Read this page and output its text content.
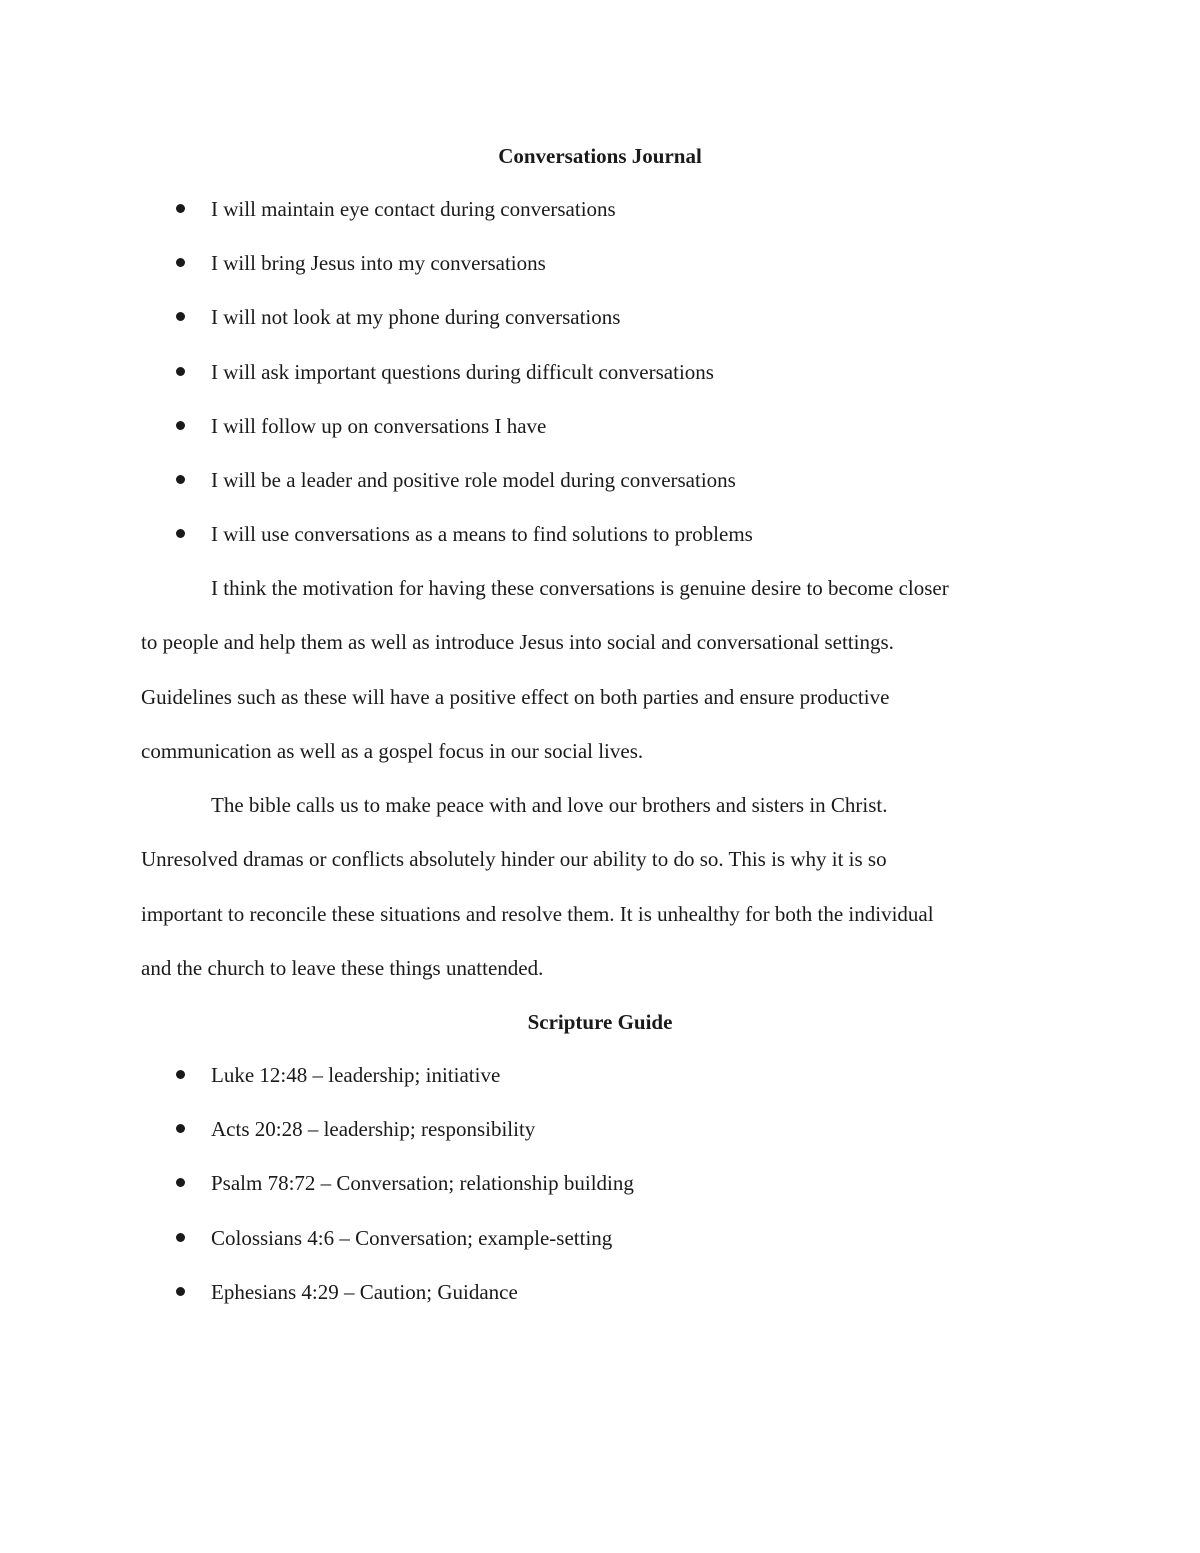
Conversations Journal
I will maintain eye contact during conversations
I will bring Jesus into my conversations
I will not look at my phone during conversations
I will ask important questions during difficult conversations
I will follow up on conversations I have
I will be a leader and positive role model during conversations
I will use conversations as a means to find solutions to problems
I think the motivation for having these conversations is genuine desire to become closer
to people and help them as well as introduce Jesus into social and conversational settings.
Guidelines such as these will have a positive effect on both parties and ensure productive
communication as well as a gospel focus in our social lives.
The bible calls us to make peace with and love our brothers and sisters in Christ.
Unresolved dramas or conflicts absolutely hinder our ability to do so. This is why it is so
important to reconcile these situations and resolve them. It is unhealthy for both the individual
and the church to leave these things unattended.
Scripture Guide
Luke 12:48 – leadership; initiative
Acts 20:28 – leadership; responsibility
Psalm 78:72 – Conversation; relationship building
Colossians 4:6 – Conversation; example-setting
Ephesians 4:29 – Caution; Guidance
